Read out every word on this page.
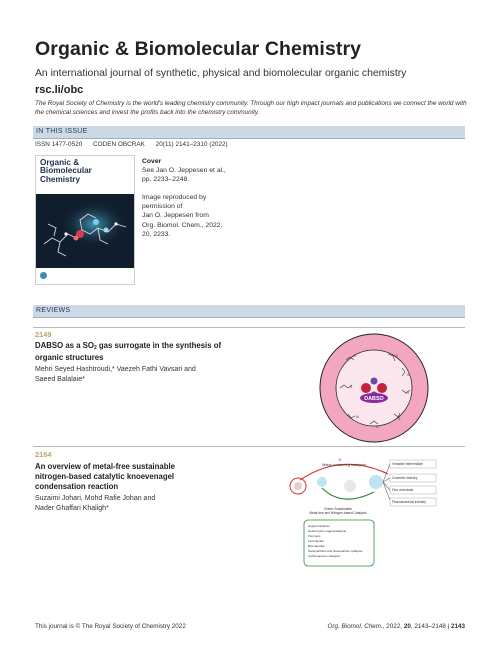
Organic & Biomolecular Chemistry
An international journal of synthetic, physical and biomolecular organic chemistry
rsc.li/obc
The Royal Society of Chemistry is the world's leading chemistry community. Through our high impact journals and publications we connect the world with the chemical sciences and invest the profits back into the chemistry community.
IN THIS ISSUE
ISSN 1477-0520 CODEN OBCRAK 20(11) 2141–2310 (2022)
Organic &
Biomolecular
Chemistry
Cover
See Jan O. Jeppesen et al.,
pp. 2233–2248.
Image reproduced by
permission of
Jan O. Jeppesen from
Org. Biomol. Chem., 2022,
20, 2233.
REVIEWS
2149
DABSO as a $SO_2$ gas surrogate in the synthesis of
organic structures
Mehri Seyed Hashtroudi,* Vaezeh Fathi Vavsari and
Saeed Balalaie*
O	O
S
S
O
N
O
S
DABSO
2164
An overview of metal-free sustainable
nitrogen-based catalytic knoevenagel
condensation reaction
Suzaimi Johari, Mohd Rafie Johan and
Nader Ghaffari Khaligh*
Metal-containing catalysts
×	Versatile intermediate
Cosmetic industry
Fine chemicals
Pharmaceutical industry
Green Sustainable
Metal-free and Nitrogen-based Catalysts
Organocatalysts
Heterocyclic organocatalysts
Polymers
Ionic liquids
Biomaterials
Nanoparticles and Nanoparticle catalysts
Carbonaceous catalysts
This journal is © The Royal Society of Chemistry 2022	Org. Biomol. Chem., 2022, 20, 2143–2148 | 2143
